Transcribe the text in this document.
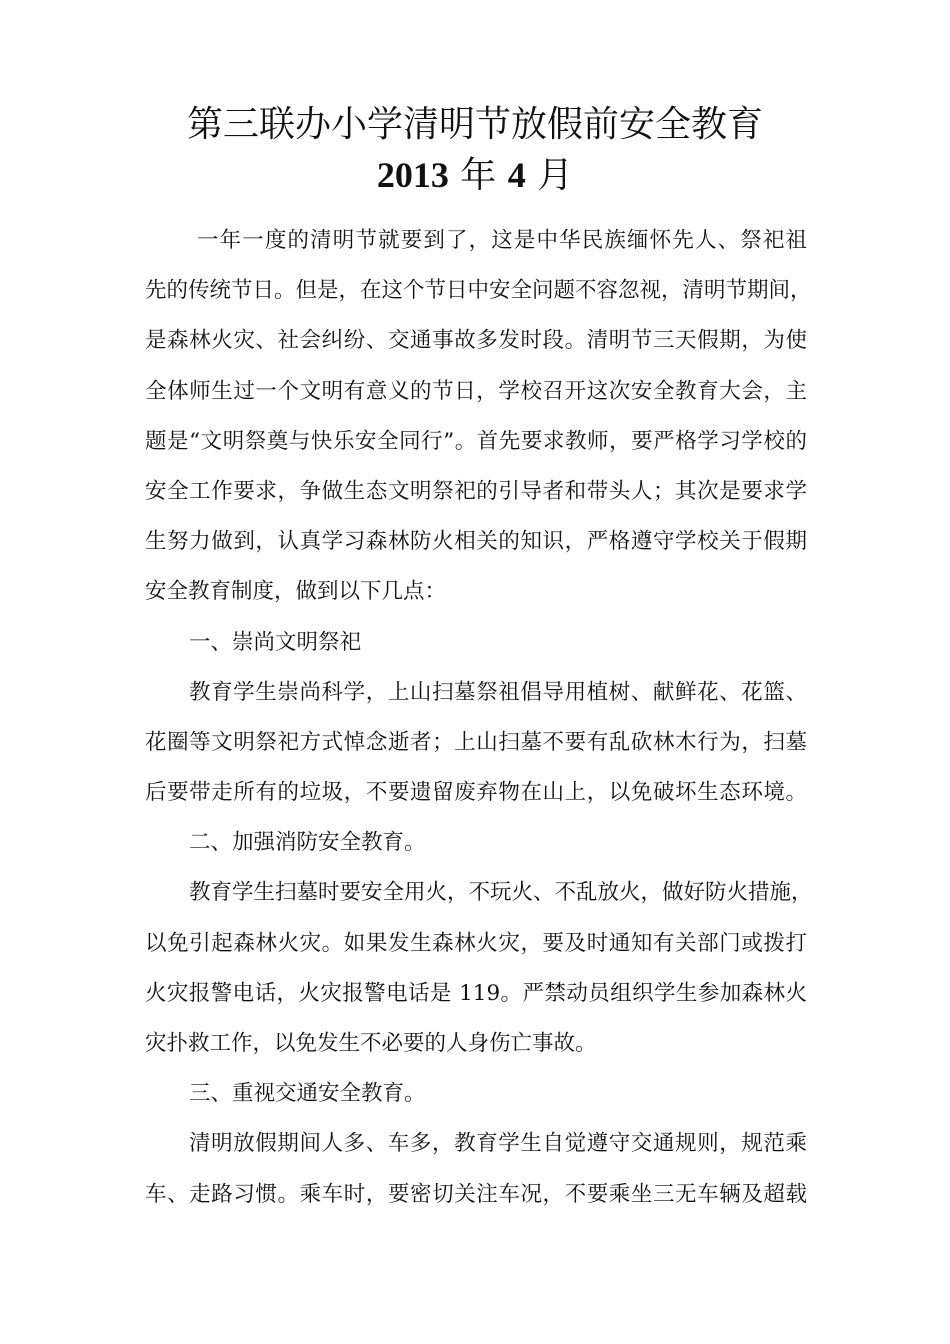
第三联办小学清明节放假前安全教育
2013 年 4 月
一年一度的清明节就要到了，这是中华民族缅怀先人、祭祀祖
先的传统节日。但是，在这个节日中安全问题不容忽视，清明节期间，
是森林火灾、社会纠纷、交通事故多发时段。清明节三天假期，为使
全体师生过一个文明有意义的节日，学校召开这次安全教育大会，主
题是“文明祭奠与快乐安全同行”。首先要求教师，要严格学习学校的
安全工作要求，争做生态文明祭祀的引导者和带头人；其次是要求学
生努力做到，认真学习森林防火相关的知识，严格遵守学校关于假期
安全教育制度，做到以下几点：
一、崇尚文明祭祀
教育学生崇尚科学，上山扫墓祭祖倡导用植树、献鲜花、花篮、
花圈等文明祭祀方式悼念逝者；上山扫墓不要有乱砍林木行为，扫墓
后要带走所有的垃圾，不要遗留废弃物在山上，以免破坏生态环境。
二、加强消防安全教育。
教育学生扫墓时要安全用火，不玩火、不乱放火，做好防火措施，
以免引起森林火灾。如果发生森林火灾，要及时通知有关部门或拨打
火灾报警电话，火灾报警电话是 119。严禁动员组织学生参加森林火
灾扑救工作，以免发生不必要的人身伤亡事故。
三、重视交通安全教育。
清明放假期间人多、车多，教育学生自觉遵守交通规则，规范乘
车、走路习惯。乘车时，要密切关注车况，不要乘坐三无车辆及超载
